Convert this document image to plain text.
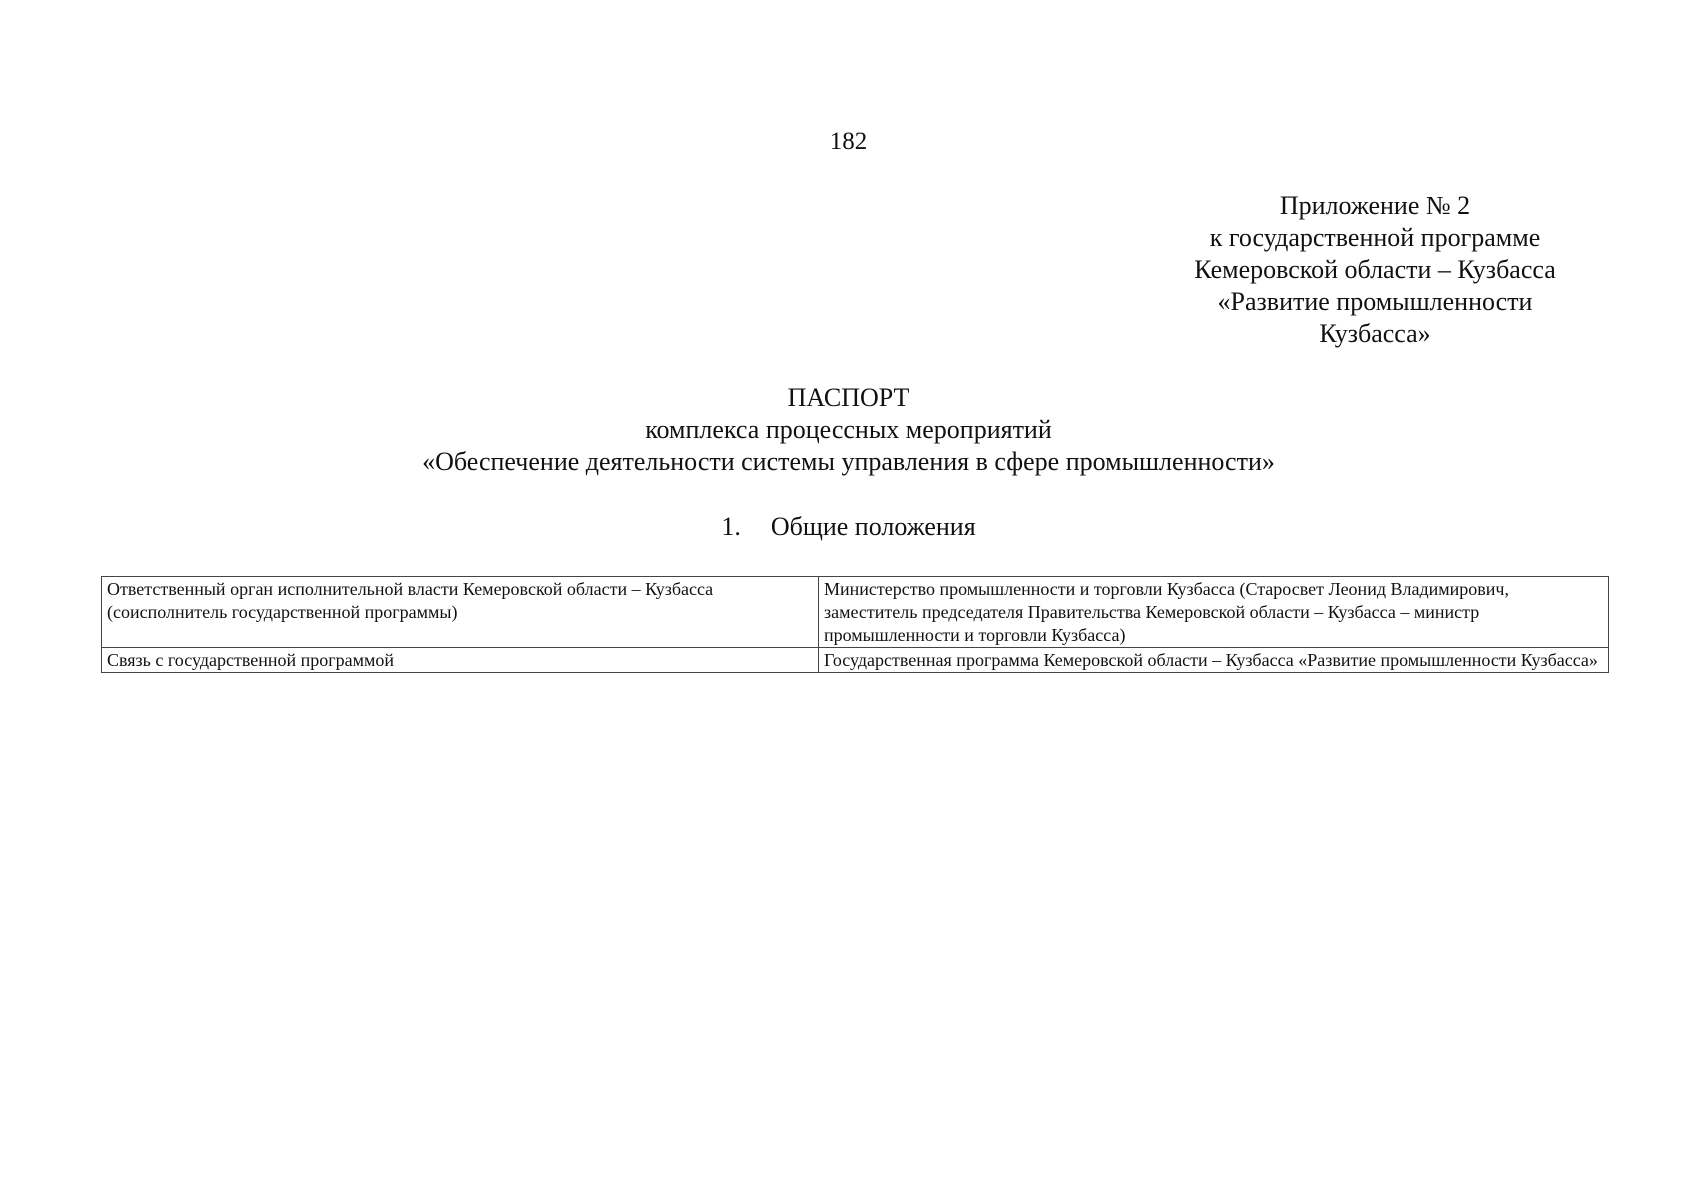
182
Приложение № 2
к государственной программе
Кемеровской области – Кузбасса
«Развитие промышленности
Кузбасса»
ПАСПОРТ
комплекса процессных мероприятий
«Обеспечение деятельности системы управления в сфере промышленности»
1. Общие положения
Ответственный орган исполнительной власти Кемеровской области – Кузбасса (соисполнитель государственной программы)	Министерство промышленности и торговли Кузбасса (Старосвет Леонид Владимирович, заместитель председателя Правительства Кемеровской области – Кузбасса – министр промышленности и торговли Кузбасса)
Связь с государственной программой	Государственная программа Кемеровской области – Кузбасса «Развитие промышленности Кузбасса»
